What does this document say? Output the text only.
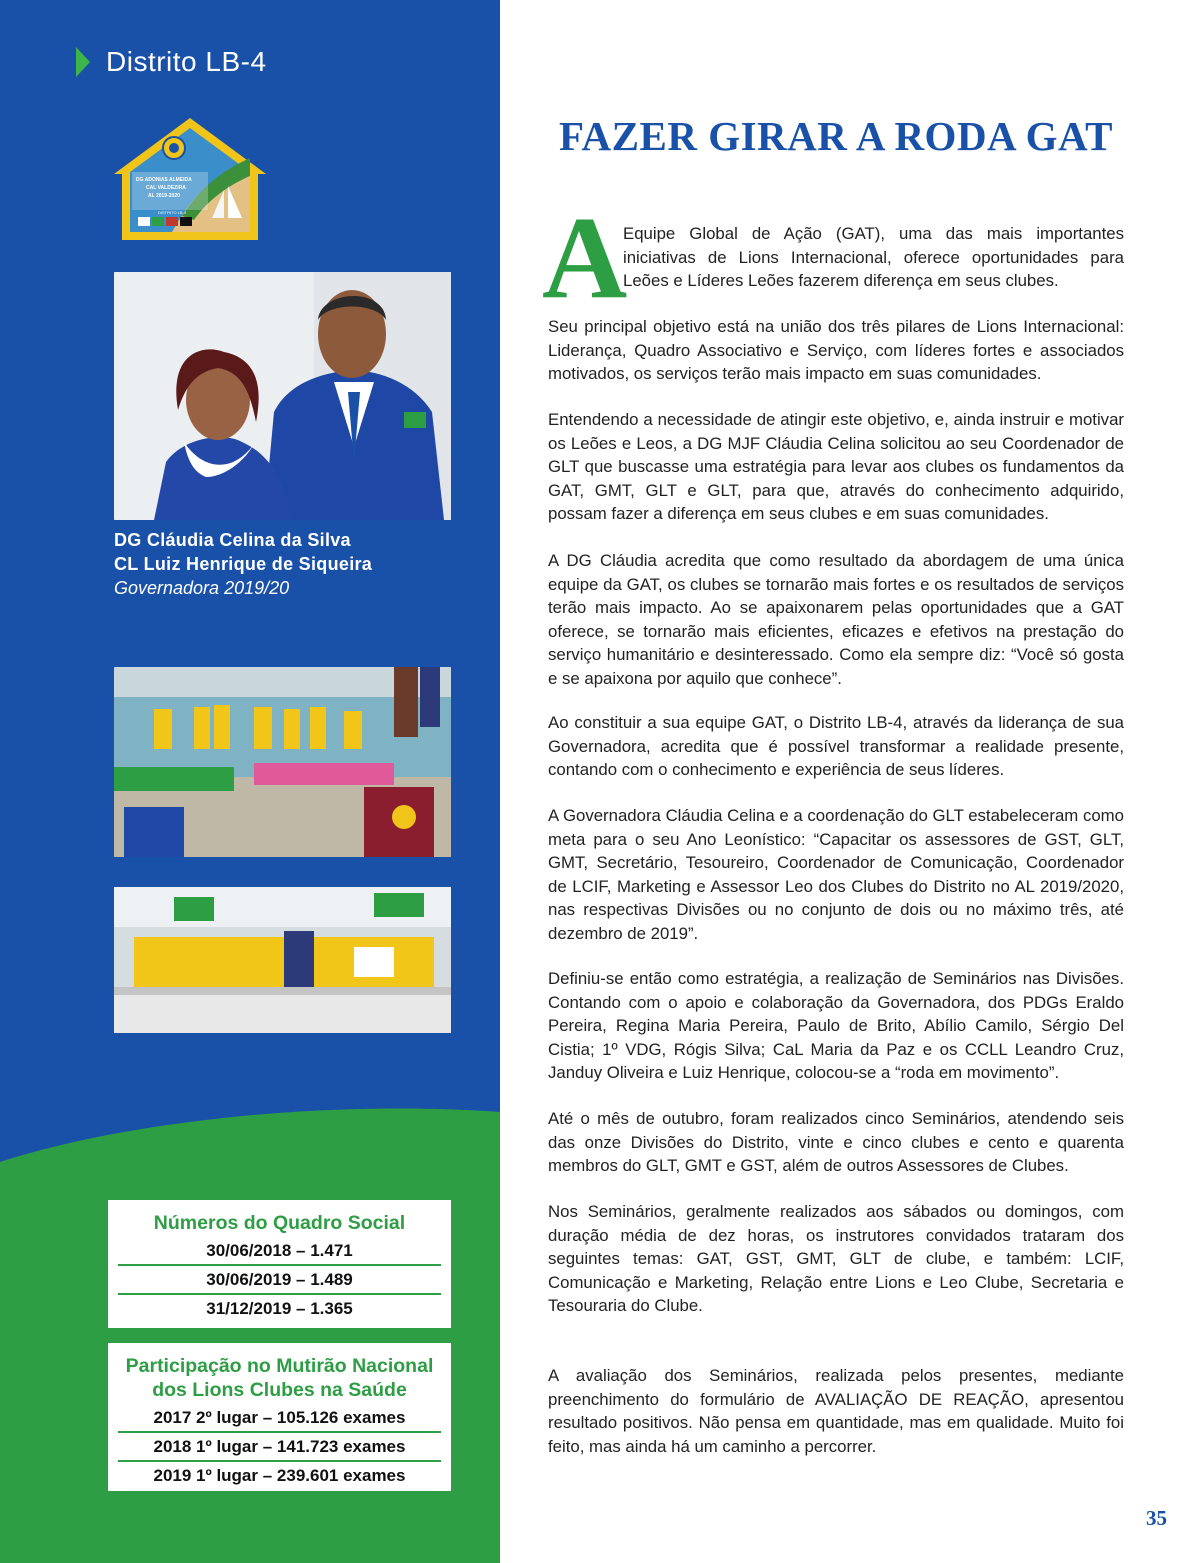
Distrito LB-4
DG ADONIAS ALMEIDA
CAL VALDEZIRA
AL 2019-2020
DISTRITO LB 4
DG Cláudia Celina da Silva
CL Luiz Henrique de Siqueira
Governadora 2019/20
Números do Quadro Social
30/06/2018 – 1.471
30/06/2019 – 1.489
31/12/2019 – 1.365
Participação no Mutirão Nacional
dos Lions Clubes na Saúde
2017 2º lugar – 105.126 exames
2018 1º lugar – 141.723 exames
2019 1º lugar – 239.601 exames
FAZER GIRAR A RODA GAT
A

Equipe Global de Ação (GAT), uma das mais importantes iniciativas de Lions Internacional, oferece oportunidades para Leões e Líderes Leões fazerem diferença em seus clubes.

Seu principal objetivo está na união dos três pilares de Lions Internacional: Liderança, Quadro Associativo e Serviço, com líderes fortes e associados motivados, os serviços terão mais impacto em suas comunidades.

Entendendo a necessidade de atingir este objetivo, e, ainda instruir e motivar os Leões e Leos, a DG MJF Cláudia Celina solicitou ao seu Coordenador de GLT que buscasse uma estratégia para levar aos clubes os fundamentos da GAT, GMT, GLT e GLT, para que, através do conhecimento adquirido, possam fazer a diferença em seus clubes e em suas comunidades.

A DG Cláudia acredita que como resultado da abordagem de uma única equipe da GAT, os clubes se tornarão mais fortes e os resultados de serviços terão mais impacto. Ao se apaixonarem pelas oportunidades que a GAT oferece, se tornarão mais eficientes, eficazes e efetivos na prestação do serviço humanitário e desinteressado. Como ela sempre diz: “Você só gosta e se apaixona por aquilo que conhece”.

Ao constituir a sua equipe GAT, o Distrito LB-4, através da liderança de sua Governadora, acredita que é possível transformar a realidade presente, contando com o conhecimento e experiência de seus líderes.

A Governadora Cláudia Celina e a coordenação do GLT estabeleceram como meta para o seu Ano Leonístico: “Capacitar os assessores de GST, GLT, GMT, Secretário, Tesoureiro, Coordenador de Comunicação, Coordenador de LCIF, Marketing e Assessor Leo dos Clubes do Distrito no AL 2019/2020, nas respectivas Divisões ou no conjunto de dois ou no máximo três, até dezembro de 2019”.

Definiu-se então como estratégia, a realização de Seminários nas Divisões. Contando com o apoio e colaboração da Governadora, dos PDGs Eraldo Pereira, Regina Maria Pereira, Paulo de Brito, Abílio Camilo, Sérgio Del Cistia; 1º VDG, Rógis Silva; CaL Maria da Paz e os CCLL Leandro Cruz, Janduy Oliveira e Luiz Henrique, colocou-se a “roda em movimento”.

Até o mês de outubro, foram realizados cinco Seminários, atendendo seis das onze Divisões do Distrito, vinte e cinco clubes e cento e quarenta membros do GLT, GMT e GST, além de outros Assessores de Clubes.

Nos Seminários, geralmente realizados aos sábados ou domingos, com duração média de dez horas, os instrutores convidados trataram dos seguintes temas: GAT, GST, GMT, GLT de clube, e também: LCIF, Comunicação e Marketing, Relação entre Lions e Leo Clube, Secretaria e Tesouraria do Clube.

A avaliação dos Seminários, realizada pelos presentes, mediante preenchimento do formulário de AVALIAÇÃO DE REAÇÃO, apresentou resultado positivos. Não pensa em quantidade, mas em qualidade. Muito foi feito, mas ainda há um caminho a percorrer.

35
